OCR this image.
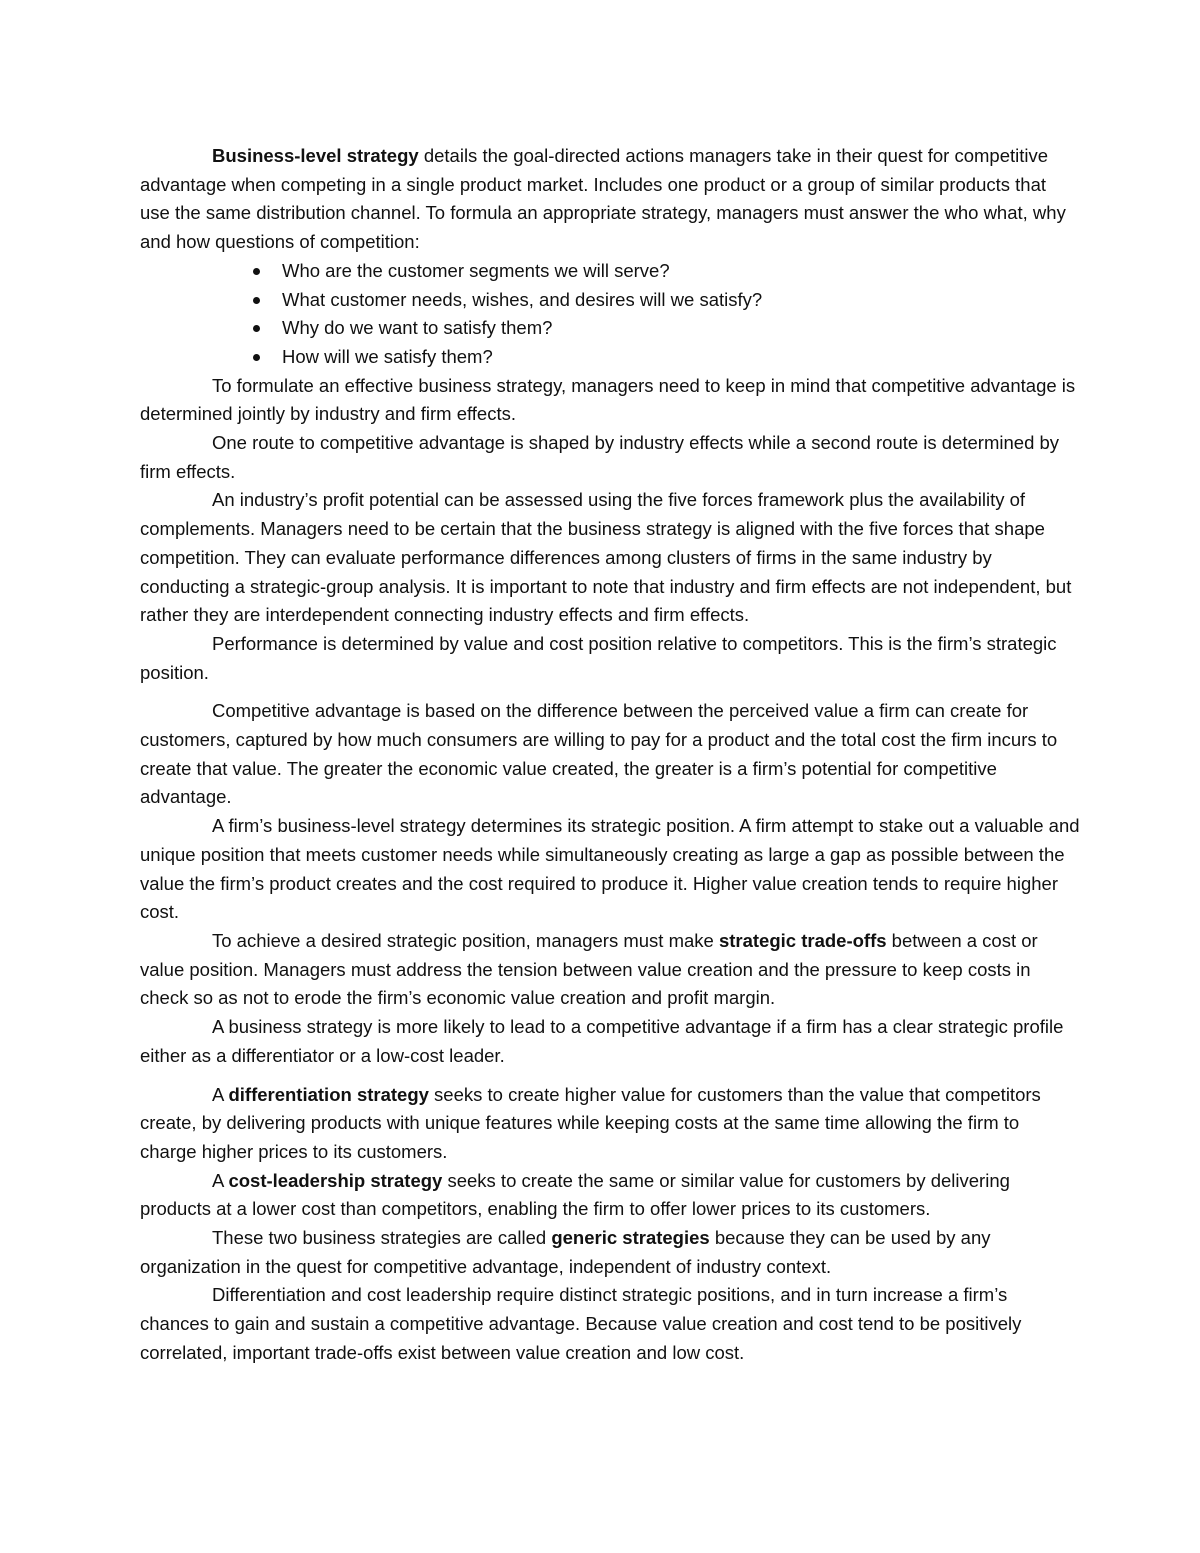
Business-level strategy details the goal-directed actions managers take in their quest for competitive advantage when competing in a single product market. Includes one product or a group of similar products that use the same distribution channel. To formula an appropriate strategy, managers must answer the who what, why and how questions of competition:

Who are the customer segments we will serve?
What customer needs, wishes, and desires will we satisfy?
Why do we want to satisfy them?
How will we satisfy them?

To formulate an effective business strategy, managers need to keep in mind that competitive advantage is determined jointly by industry and firm effects.

One route to competitive advantage is shaped by industry effects while a second route is determined by firm effects.

An industry’s profit potential can be assessed using the five forces framework plus the availability of complements. Managers need to be certain that the business strategy is aligned with the five forces that shape competition. They can evaluate performance differences among clusters of firms in the same industry by conducting a strategic-group analysis. It is important to note that industry and firm effects are not independent, but rather they are interdependent connecting industry effects and firm effects.

Performance is determined by value and cost position relative to competitors. This is the firm’s strategic position.

Competitive advantage is based on the difference between the perceived value a firm can create for customers, captured by how much consumers are willing to pay for a product and the total cost the firm incurs to create that value. The greater the economic value created, the greater is a firm’s potential for competitive advantage.

A firm’s business-level strategy determines its strategic position. A firm attempt to stake out a valuable and unique position that meets customer needs while simultaneously creating as large a gap as possible between the value the firm’s product creates and the cost required to produce it. Higher value creation tends to require higher cost.

To achieve a desired strategic position, managers must make strategic trade-offs between a cost or value position. Managers must address the tension between value creation and the pressure to keep costs in check so as not to erode the firm’s economic value creation and profit margin.

A business strategy is more likely to lead to a competitive advantage if a firm has a clear strategic profile either as a differentiator or a low-cost leader.

A differentiation strategy seeks to create higher value for customers than the value that competitors create, by delivering products with unique features while keeping costs at the same time allowing the firm to charge higher prices to its customers.

A cost-leadership strategy seeks to create the same or similar value for customers by delivering products at a lower cost than competitors, enabling the firm to offer lower prices to its customers.

These two business strategies are called generic strategies because they can be used by any organization in the quest for competitive advantage, independent of industry context.

Differentiation and cost leadership require distinct strategic positions, and in turn increase a firm’s chances to gain and sustain a competitive advantage. Because value creation and cost tend to be positively correlated, important trade-offs exist between value creation and low cost.
